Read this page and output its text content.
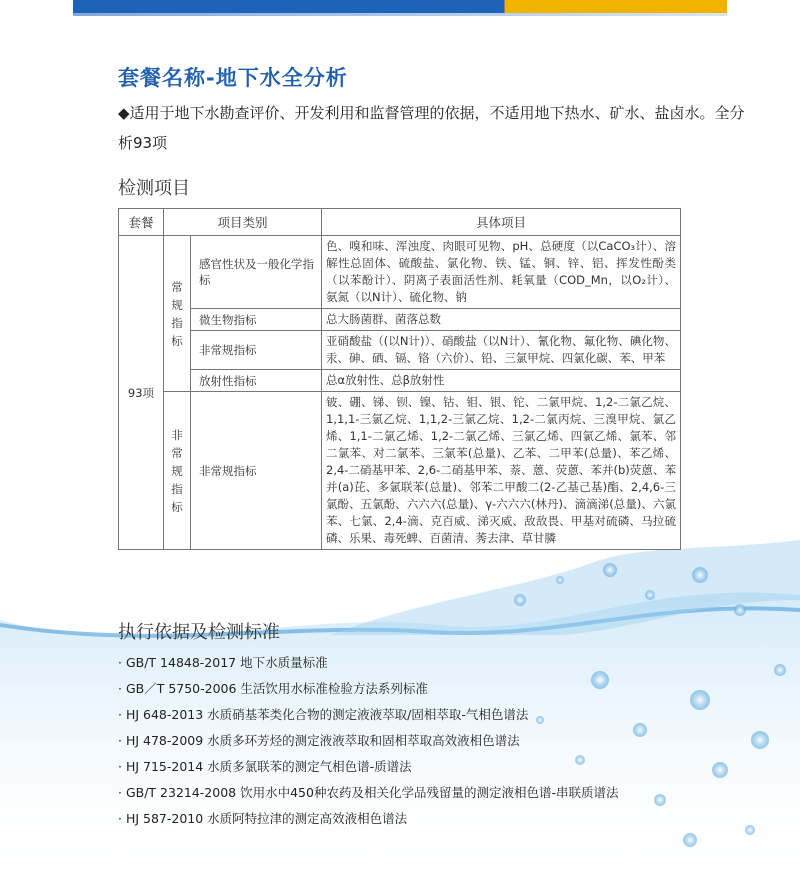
套餐名称-地下水全分析
◆适用于地下水勘查评价、开发利用和监督管理的依据，不适用地下热水、矿水、盐卤水。全分析93项
检测项目
套餐	项目类别		具体项目
93项	常规指标	感官性状及一般化学指标	色、嗅和味、浑浊度、肉眼可见物、pH、总硬度（以CaCO₃计）、溶解性总固体、硫酸盐、氯化物、铁、锰、铜、锌、铝、挥发性酚类（以苯酚计）、阴离子表面活性剂、耗氧量（COD_Mn，以O₂计）、氨氮（以N计）、硫化物、钠
		微生物指标	总大肠菌群、菌落总数
		非常规指标	亚硝酸盐（(以N计)）、硝酸盐（以N计）、氰化物、氟化物、碘化物、汞、砷、硒、镉、铬（六价）、铅、三氯甲烷、四氯化碳、苯、甲苯
		放射性指标	总α放射性、总β放射性
	非常规指标	非常规指标	铍、硼、锑、钡、镍、钴、钼、银、铊、二氯甲烷、1,2-二氯乙烷、1,1,1-三氯乙烷、1,1,2-三氯乙烷、1,2-二氯丙烷、三溴甲烷、氯乙烯、1,1-二氯乙烯、1,2-二氯乙烯、三氯乙烯、四氯乙烯、氯苯、邻二氯苯、对二氯苯、三氯苯(总量)、乙苯、二甲苯(总量)、苯乙烯、2,4-二硝基甲苯、2,6-二硝基甲苯、萘、蒽、荧蒽、苯并(b)荧蒽、苯并(a)芘、多氯联苯(总量)、邻苯二甲酸二(2-乙基己基)酯、2,4,6-三氯酚、五氯酚、六六六(总量)、γ-六六六(林丹)、滴滴涕(总量)、六氯苯、七氯、2,4-滴、克百威、涕灭威、敌敌畏、甲基对硫磷、马拉硫磷、乐果、毒死蜱、百菌清、莠去津、草甘膦
执行依据及检测标准
· GB/T 14848-2017 地下水质量标准
· GB／T 5750-2006 生活饮用水标准检验方法系列标准
· HJ 648-2013 水质硝基苯类化合物的测定液液萃取/固相萃取-气相色谱法
· HJ 478-2009 水质多环芳烃的测定液液萃取和固相萃取高效液相色谱法
· HJ 715-2014 水质多氯联苯的测定气相色谱-质谱法
· GB/T 23214-2008 饮用水中450种农药及相关化学品残留量的测定液相色谱-串联质谱法
· HJ 587-2010 水质阿特拉津的测定高效液相色谱法
